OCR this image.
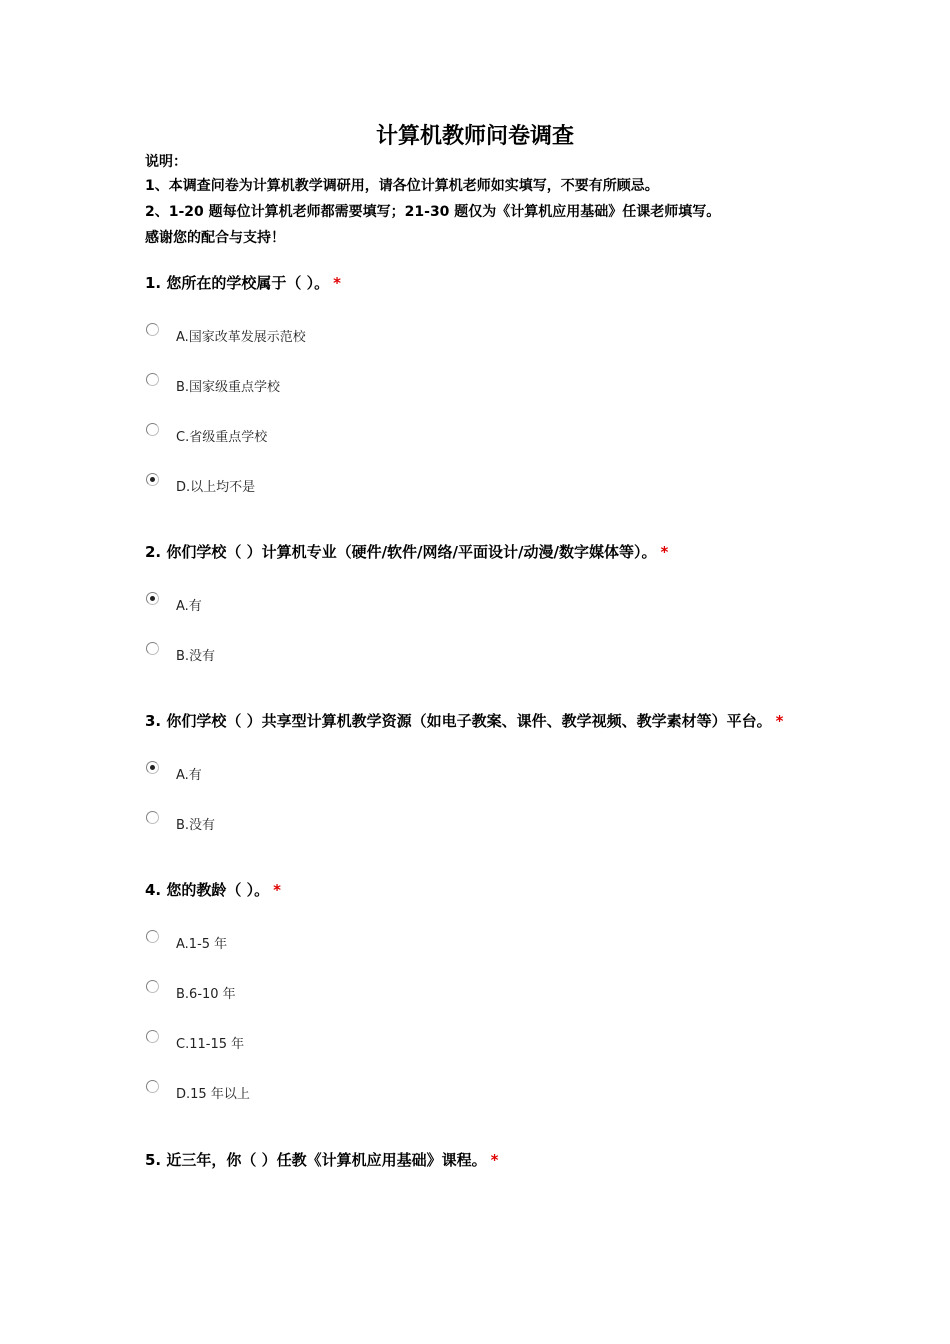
计算机教师问卷调查
说明：
1、本调查问卷为计算机教学调研用，请各位计算机老师如实填写，不要有所顾忌。
2、1-20 题每位计算机老师都需要填写；21-30 题仅为《计算机应用基础》任课老师填写。
感谢您的配合与支持！
1. 您所在的学校属于（ ）。 *
A.国家改革发展示范校
B.国家级重点学校
C.省级重点学校
D.以上均不是
2. 你们学校（ ）计算机专业（硬件/软件/网络/平面设计/动漫/数字媒体等）。 *
A.有
B.没有
3. 你们学校（ ）共享型计算机教学资源（如电子教案、课件、教学视频、教学素材等）平台。 *
A.有
B.没有
4. 您的教龄（ ）。 *
A.1-5 年
B.6-10 年
C.11-15 年
D.15 年以上
5. 近三年，你（ ）任教《计算机应用基础》课程。 *
